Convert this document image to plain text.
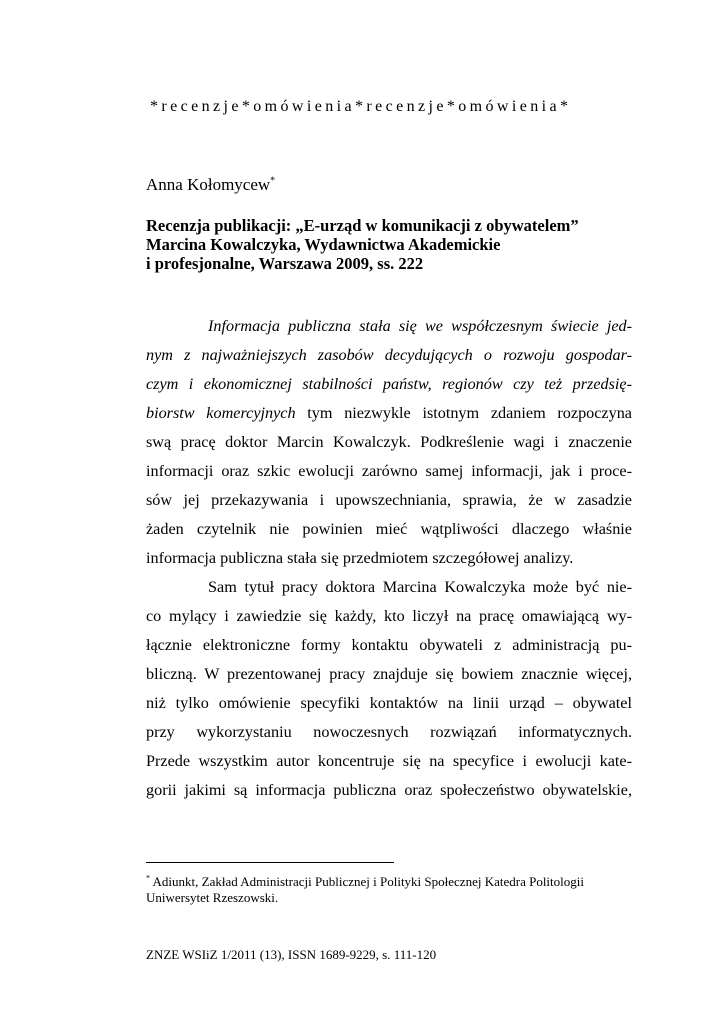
*recenzje*omówienia*recenzje*omówienia*
Anna Kołomycew*
Recenzja publikacji: „E-urząd w komunikacji z obywatelem”
Marcina Kowalczyka, Wydawnictwa Akademickie
i profesjonalne, Warszawa 2009, ss. 222
Informacja publiczna stała się we współczesnym świecie jed-
nym z najważniejszych zasobów decydujących o rozwoju gospodar-
czym i ekonomicznej stabilności państw, regionów czy też przedsię-
biorstw komercyjnych tym niezwykle istotnym zdaniem rozpoczyna
swą pracę doktor Marcin Kowalczyk. Podkreślenie wagi i znaczenie
informacji oraz szkic ewolucji zarówno samej informacji, jak i proce-
sów jej przekazywania i upowszechniania, sprawia, że w zasadzie
żaden czytelnik nie powinien mieć wątpliwości dlaczego właśnie
informacja publiczna stała się przedmiotem szczegółowej analizy.
Sam tytuł pracy doktora Marcina Kowalczyka może być nie-
co mylący i zawiedzie się każdy, kto liczył na pracę omawiającą wy-
łącznie elektroniczne formy kontaktu obywateli z administracją pu-
bliczną. W prezentowanej pracy znajduje się bowiem znacznie więcej,
niż tylko omówienie specyfiki kontaktów na linii urząd – obywatel
przy wykorzystaniu nowoczesnych rozwiązań informatycznych.
Przede wszystkim autor koncentruje się na specyfice i ewolucji kate-
gorii jakimi są informacja publiczna oraz społeczeństwo obywatelskie,
* Adiunkt, Zakład Administracji Publicznej i Polityki Społecznej Katedra Politologii
Uniwersytet Rzeszowski.
ZNZE WSIiZ 1/2011 (13), ISSN 1689-9229, s. 111-120
